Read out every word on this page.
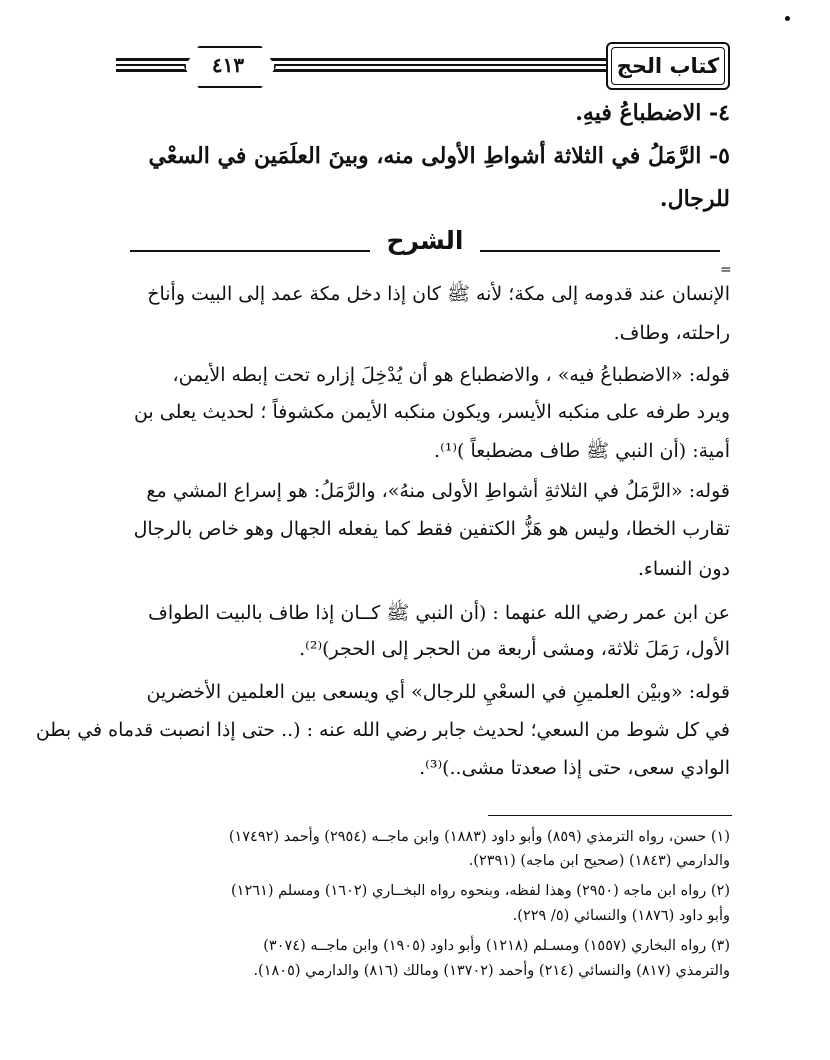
٤١٣	كتاب الحج
٤- الاضطباعُ فيهِ.
٥- الرَّمَلُ في الثلاثة أشواطِ الأولى منه، وبينَ العلَمَين في السعْي
للرجال.
الشرح
=
الإنسان عند قدومه إلى مكة؛ لأنه ﷺ كان إذا دخل مكة عمد إلى البيت وأناخ
راحلته، وطاف.
قوله: «الاضطباعُ فيه» ، والاضطباع هو أن يُدْخِلَ إزاره تحت إبطه الأيمن،
ويرد طرفه على منكبه الأيسر، ويكون منكبه الأيمن مكشوفاً ؛ لحديث يعلى بن
أمية: (أن النبي ﷺ طاف مضطبعاً )⁽¹⁾.
قوله: «الرَّمَلُ في الثلاثةِ أشواطِ الأولى منهُ»، والرَّمَلُ: هو إسراع المشي مع
تقارب الخطا، وليس هو هَزُّ الكتفين فقط كما يفعله الجهال وهو خاص بالرجال
دون النساء.
عن ابن عمر رضي الله عنهما : (أن النبي ﷺ كــان إذا طاف بالبيت الطواف
الأول، رَمَلَ ثلاثة، ومشى أربعة من الحجر إلى الحجر)⁽²⁾.
قوله: «وبيْن العلمينِ في السعْيِ للرجال» أي ويسعى بين العلمين الأخضرين
في كل شوط من السعي؛ لحديث جابر رضي الله عنه : (.. حتى إذا انصبت قدماه في بطن
الوادي سعى، حتى إذا صعدتا مشى..)⁽³⁾.
(١) حسن، رواه الترمذي (٨٥٩) وأبو داود (١٨٨٣) وابن ماجــه (٢٩٥٤) وأحمد (١٧٤٩٢)
والدارمي (١٨٤٣) (صحيح ابن ماجه) (٢٣٩١).
(٢) رواه ابن ماجه (٢٩٥٠) وهذا لفظه، وبنحوه رواه البخــاري (١٦٠٢) ومسلم (١٢٦١)
وأبو داود (١٨٧٦) والنسائي (٥/ ٢٢٩).
(٣) رواه البخاري (١٥٥٧) ومسـلم (١٢١٨) وأبو داود (١٩٠٥) وابن ماجــه (٣٠٧٤)
والترمذي (٨١٧) والنسائي (٢١٤) وأحمد (١٣٧٠٢) ومالك (٨١٦) والدارمي (١٨٠٥).
